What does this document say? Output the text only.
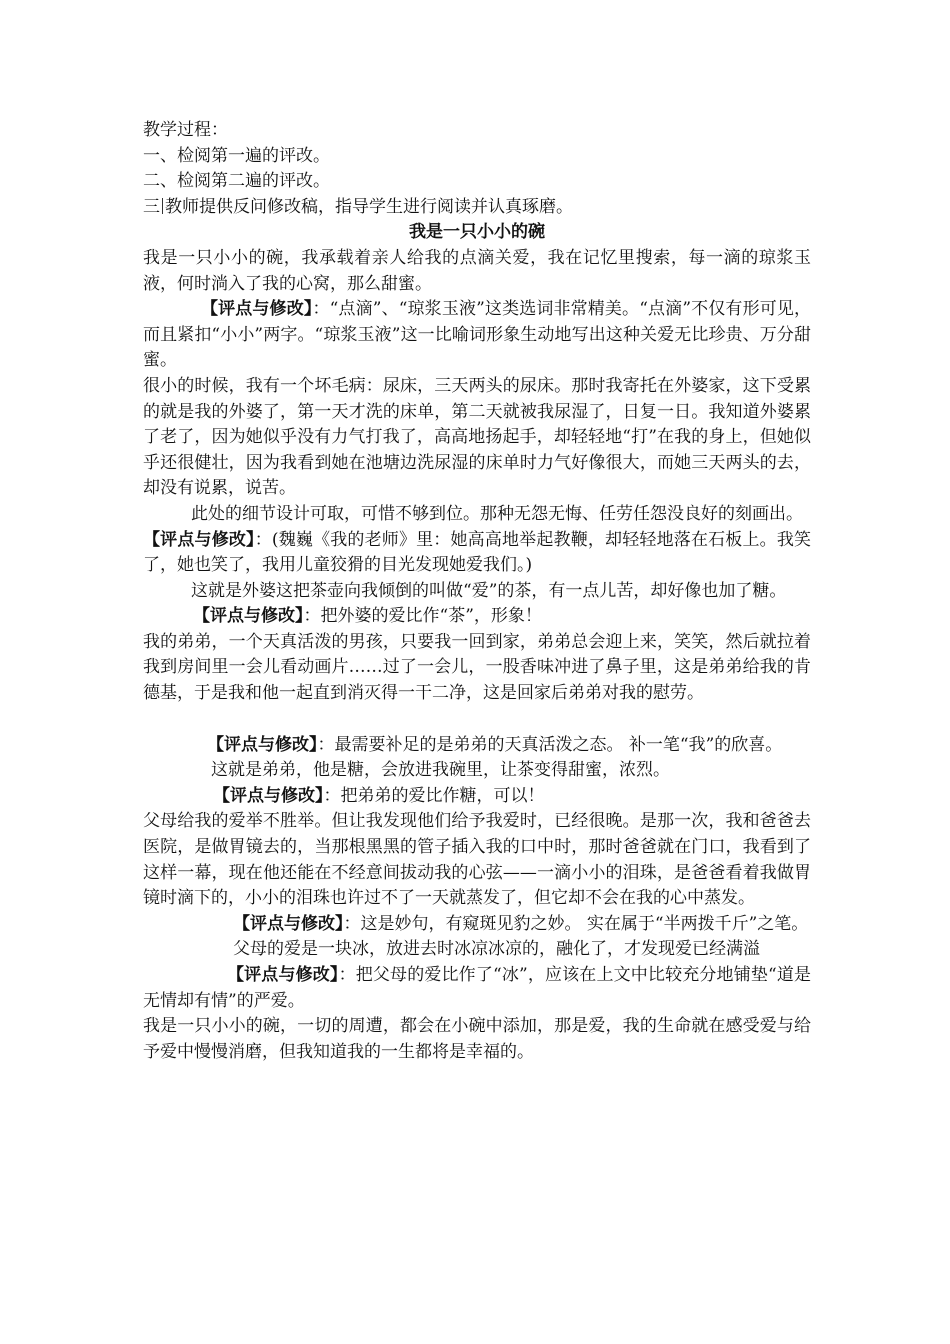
教学过程：
一、检阅第一遍的评改。
二、检阅第二遍的评改。
三 教师提供反问修改稿，指导学生进行阅读并认真琢磨。
我是一只小小的碗

我是一只小小的碗，我承载着亲人给我的点滴关爱，我在记忆里搜索，每一滴的琼浆玉液，何时淌入了我的心窝，那么甜蜜。

【评点与修改】：“点滴”、“琼浆玉液”这类选词非常精美。“点滴”不仅有形可见，而且紧扣“小小”两字。“琼浆玉液”这一比喻词形象生动地写出这种关爱无比珍贵、万分甜蜜。

很小的时候，我有一个坏毛病：尿床，三天两头的尿床。那时我寄托在外婆家，这下受累的就是我的外婆了，第一天才洗的床单，第二天就被我尿湿了，日复一日。我知道外婆累了老了，因为她似乎没有力气打我了，高高地扬起手，却轻轻地“打”在我的身上，但她似乎还很健壮，因为我看到她在池塘边洗尿湿的床单时力气好像很大，而她三天两头的去，却没有说累，说苦。

此处的细节设计可取，可惜不够到位。那种无怨无悔、任劳任怨没良好的刻画出。

【评点与修改】：(魏巍《我的老师》里：她高高地举起教鞭，却轻轻地落在石板上。我笑了，她也笑了，我用儿童狡猾的目光发现她爱我们。)

这就是外婆这把茶壶向我倾倒的叫做“爱”的茶，有一点儿苦，却好像也加了糖。

【评点与修改】：把外婆的爱比作“茶”，形象！

我的弟弟，一个天真活泼的男孩，只要我一回到家，弟弟总会迎上来，笑笑，然后就拉着我到房间里一会儿看动画片……过了一会儿，一股香味冲进了鼻子里，这是弟弟给我的肯德基，于是我和他一起直到消灭得一干二净，这是回家后弟弟对我的慰劳。

【评点与修改】：最需要补足的是弟弟的天真活泼之态。 补一笔“我”的欣喜。

这就是弟弟，他是糖，会放进我碗里，让茶变得甜蜜，浓烈。

【评点与修改】：把弟弟的爱比作糖，可以！

父母给我的爱举不胜举。但让我发现他们给予我爱时，已经很晚。是那一次，我和爸爸去医院，是做胃镜去的，当那根黑黑的管子插入我的口中时，那时爸爸就在门口，我看到了这样一幕，现在他还能在不经意间拔动我的心弦——一滴小小的泪珠，是爸爸看着我做胃镜时滴下的，小小的泪珠也许过不了一天就蒸发了，但它却不会在我的心中蒸发。

【评点与修改】：这是妙句，有窥斑见豹之妙。 实在属于“半两拨千斤”之笔。

父母的爱是一块冰，放进去时冰凉冰凉的，融化了，才发现爱已经满溢

【评点与修改】：把父母的爱比作了“冰”，应该在上文中比较充分地铺垫“道是无情却有情”的严爱。

我是一只小小的碗，一切的周遭，都会在小碗中添加，那是爱，我的生命就在感受爱与给予爱中慢慢消磨，但我知道我的一生都将是幸福的。
